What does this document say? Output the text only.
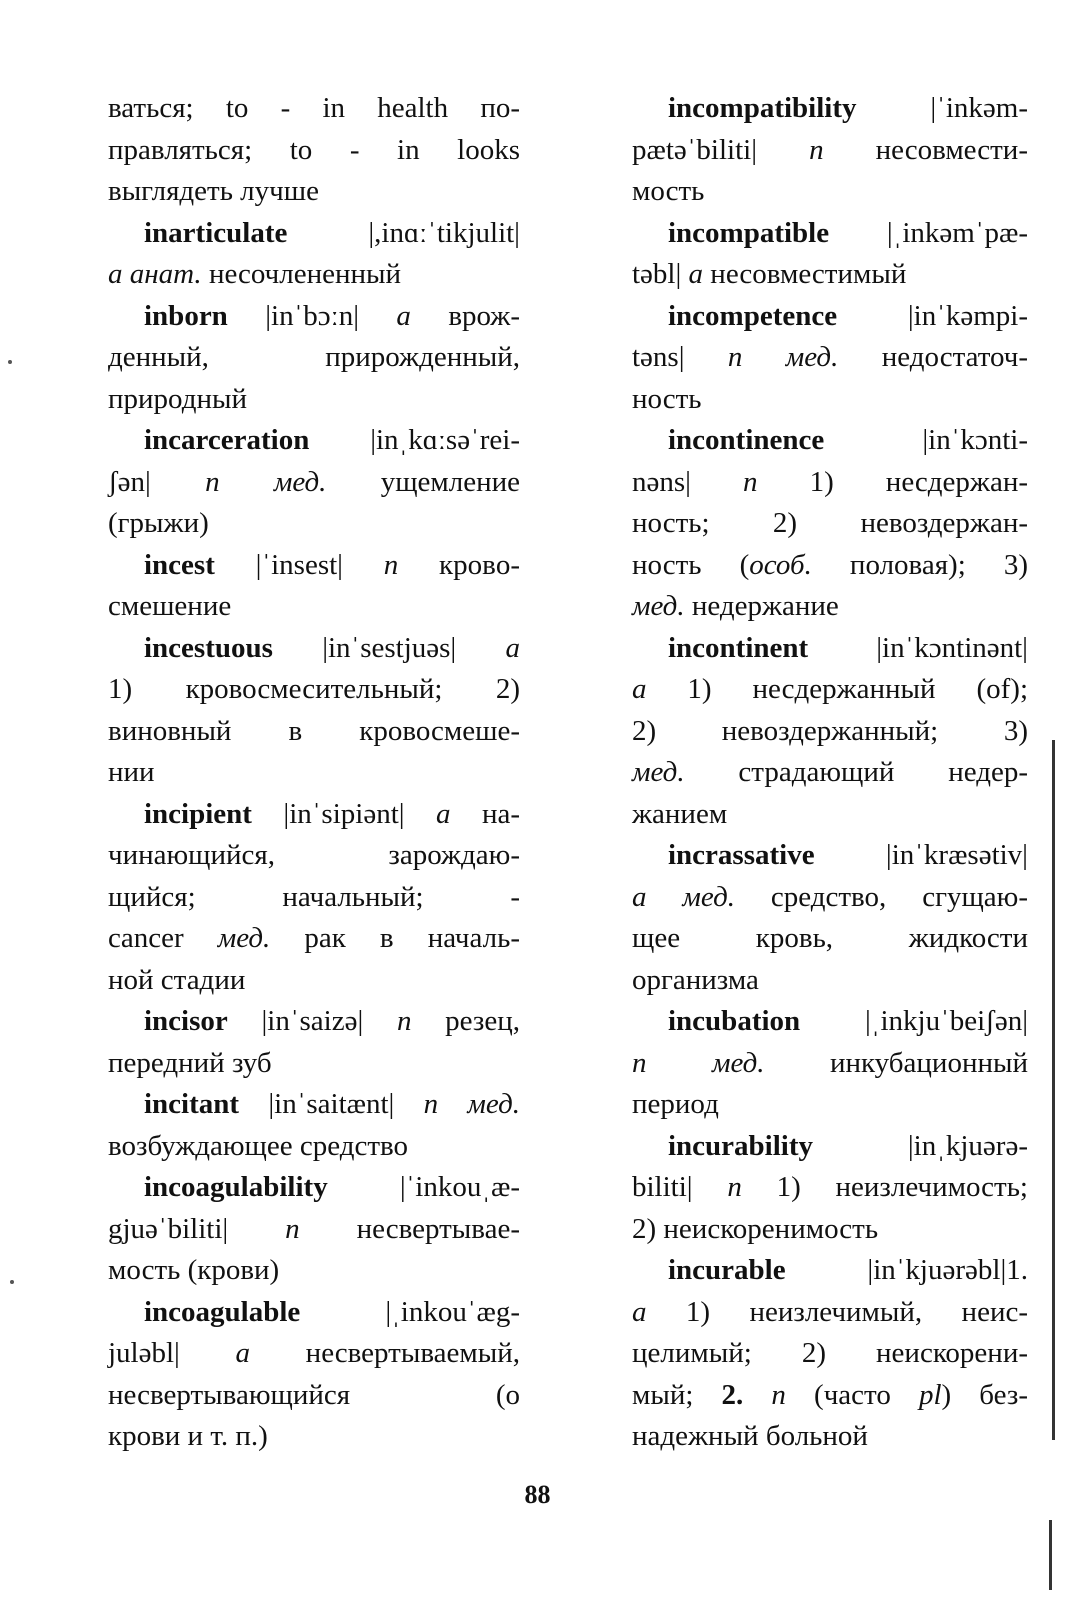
ваться; to - in health по-
правляться; to - in looks
выглядеть лучше
inarticulate |,inɑːˈtikjulit|
a анат. несочлененный
inborn |inˈbɔːn| a врож-
денный, прирожденный,
природный
incarceration |inˌkɑːsəˈrei-
ʃən| n мед. ущемление
(грыжи)
incest |ˈinsest| n кровo-
смешение
incestuous |inˈsestjuəs| a
1) кровосмесительный; 2)
виновный в кровосмеше-
нии
incipient |inˈsipiənt| a на-
чинающийся, зарождаю-
щийся; начальный; -
cancer мед. рак в началь-
ной стадии
incisor |inˈsaizə| n резец,
передний зуб
incitant |inˈsaitænt| n мед.
возбуждающее средство
incoagulability |ˈinkouˌæ-
gjuəˈbiliti| n несвертывае-
мость (крови)
incoagulable |ˌinkouˈæg-
juləbl| a несвертываемый,
несвертывающийся (о
крови и т. п.)
incompatibility |ˈinkəm-
pætəˈbiliti| n несовмести-
мость
incompatible |ˌinkəmˈpæ-
təbl| a несовместимый
incompetence |inˈkəmpi-
təns| n мед. недостаточ-
ность
incontinence |inˈkɔnti-
nəns| n 1) несдержан-
ность; 2) невоздержан-
ность (особ. половая); 3)
мед. недержание
incontinent |inˈkɔntinənt|
a 1) несдержанный (of);
2) невоздержанный; 3)
мед. страдающий недер-
жанием
incrassative |inˈkræsətiv|
a мед. средство, сгущаю-
щее кровь, жидкости
организма
incubation |ˌinkjuˈbeiʃən|
n мед. инкубационный
период
incurability |inˌkjuərə-
biliti| n 1) неизлечимость;
2) неискоренимость
incurable |inˈkjuərəbl|1.
a 1) неизлечимый, неис-
целимый; 2) неискорени-
мый; 2. n (часто pl) без-
надежный больной
88
